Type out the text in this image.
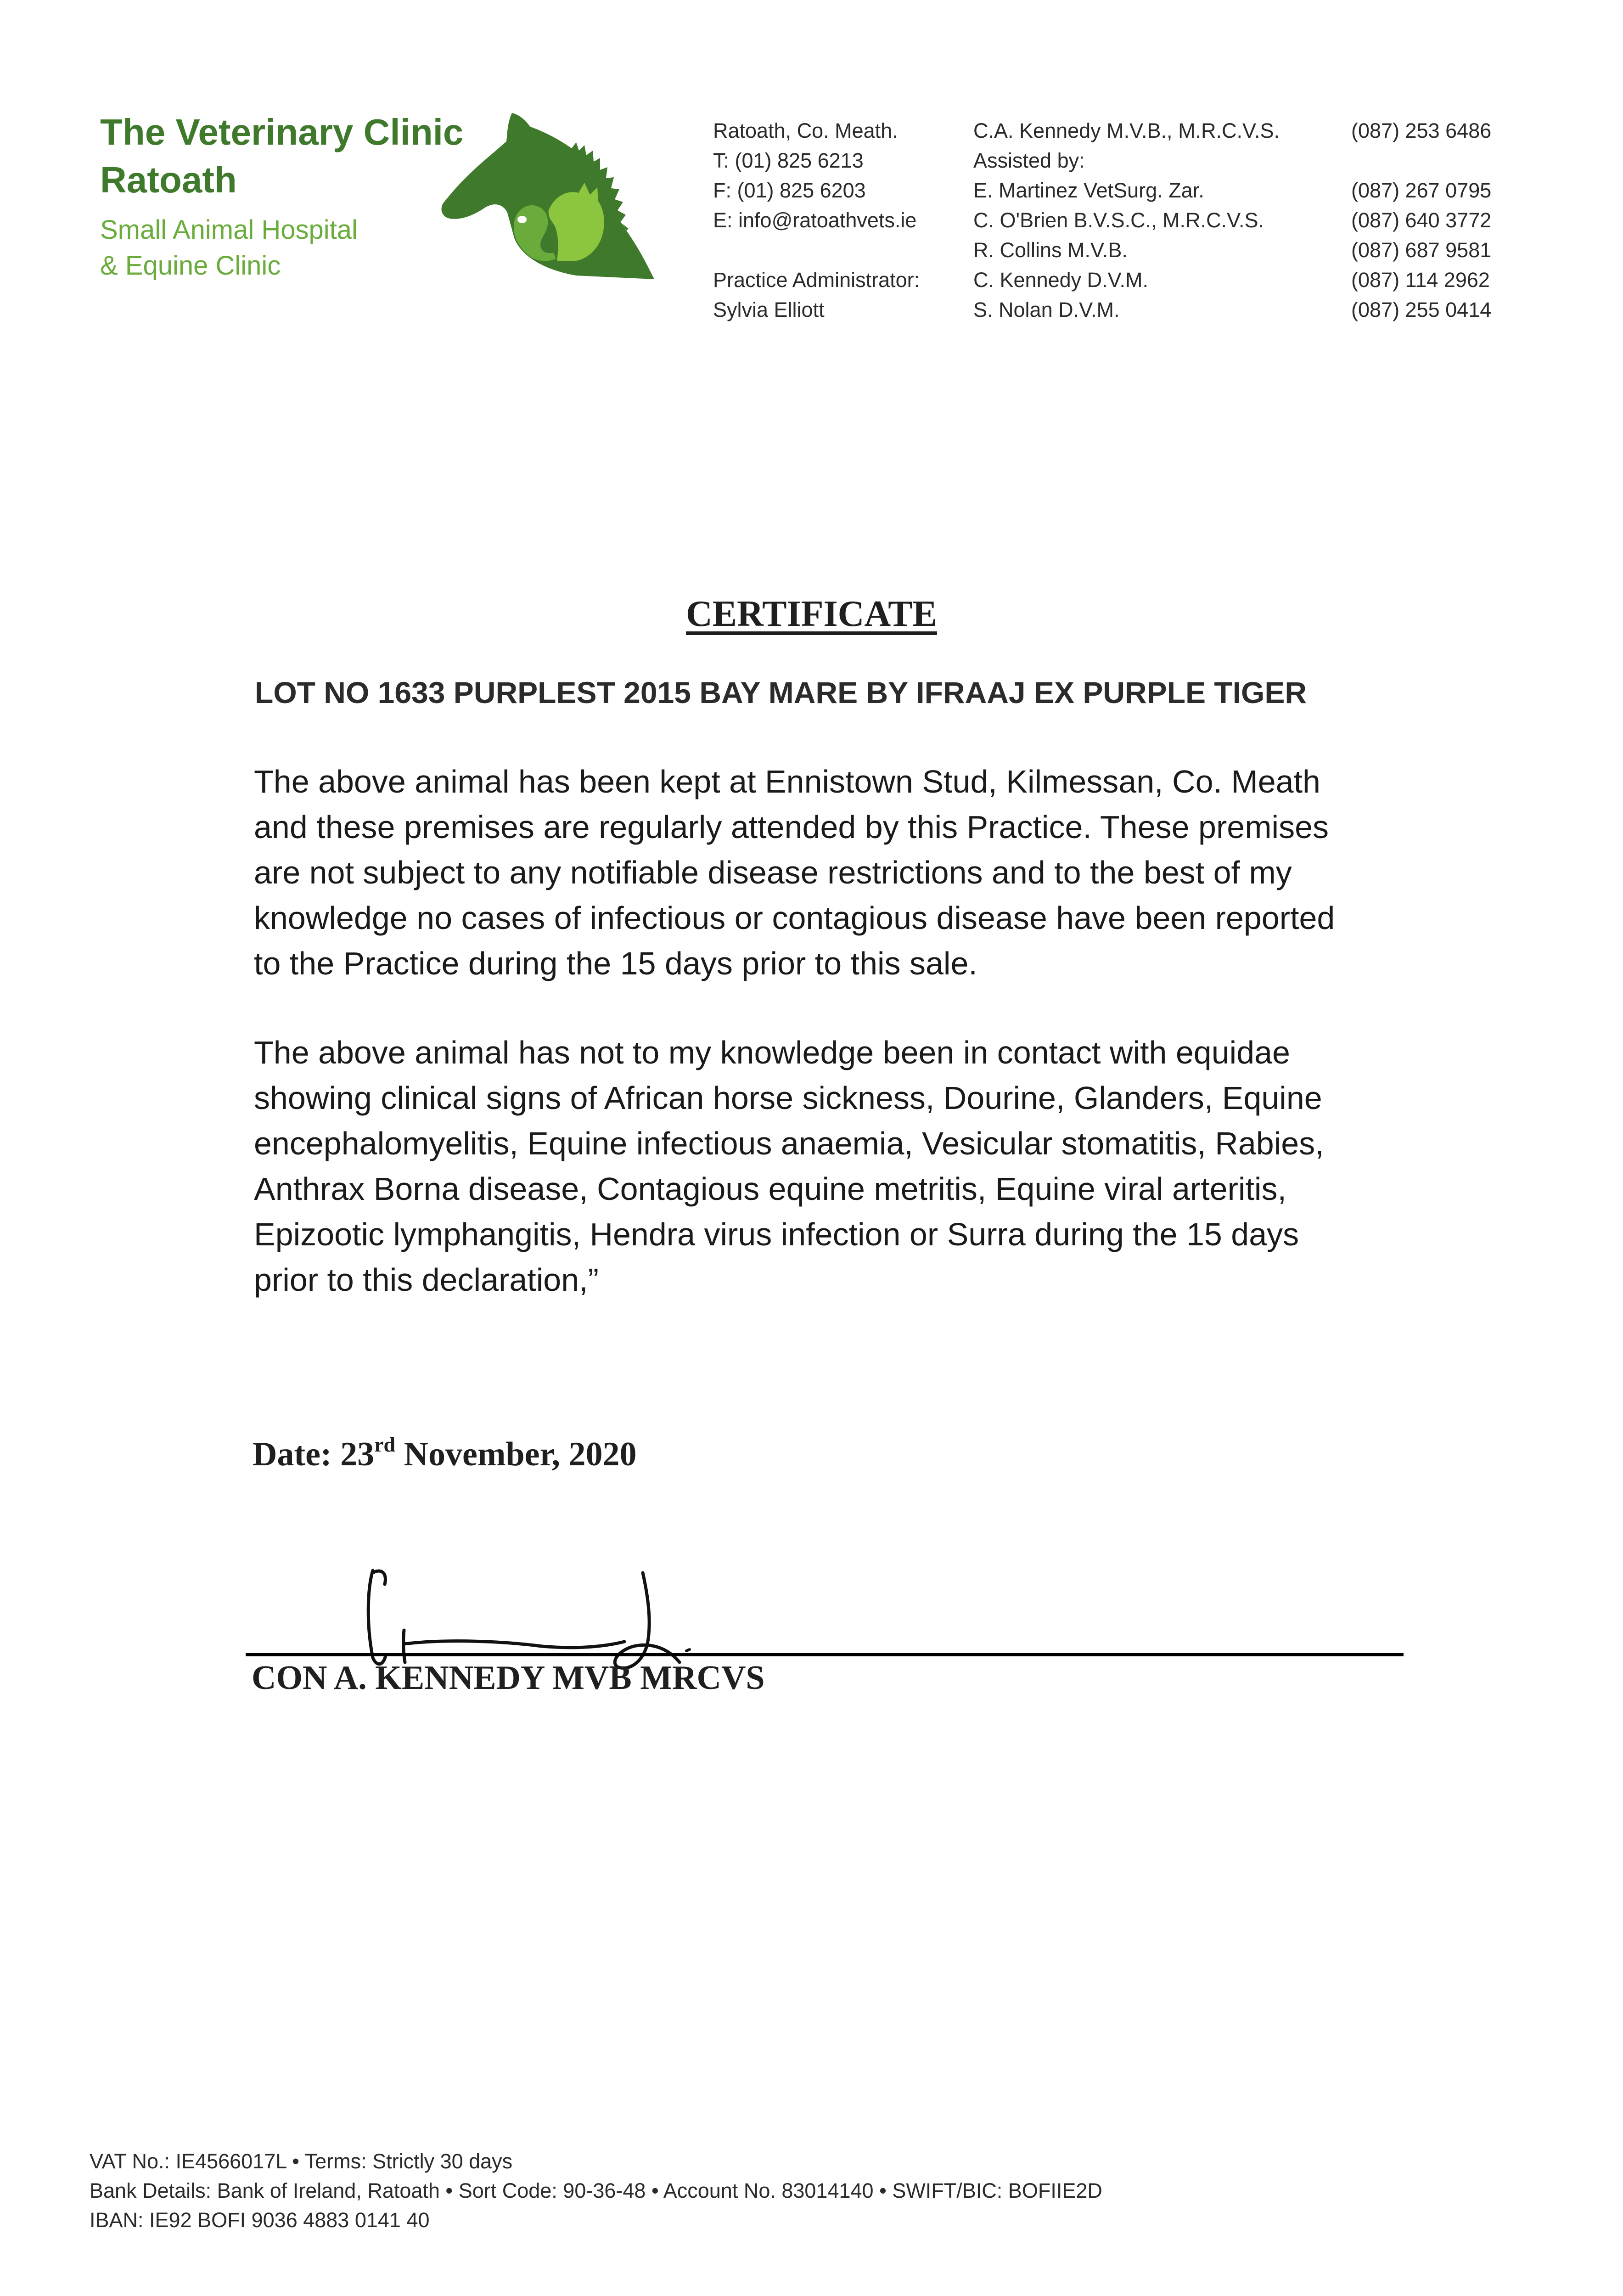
The Veterinary Clinic
Ratoath
Small Animal Hospital
& Equine Clinic
Ratoath, Co. Meath.
T: (01) 825 6213
F: (01) 825 6203
E: info@ratoathvets.ie
Practice Administrator:
Sylvia Elliott
C.A. Kennedy M.V.B., M.R.C.V.S.
Assisted by:
E. Martinez VetSurg. Zar.
C. O'Brien B.V.S.C., M.R.C.V.S.
R. Collins M.V.B.
C. Kennedy D.V.M.
S. Nolan D.V.M.
(087) 253 6486
(087) 267 0795
(087) 640 3772
(087) 687 9581
(087) 114 2962
(087) 255 0414
CERTIFICATE
LOT NO 1633 PURPLEST 2015 BAY MARE BY IFRAAJ EX PURPLE TIGER
The above animal has been kept at Ennistown Stud, Kilmessan, Co. Meath
and these premises are regularly attended by this Practice. These premises
are not subject to any notifiable disease restrictions and to the best of my
knowledge no cases of infectious or contagious disease have been reported
to the Practice during the 15 days prior to this sale.
The above animal has not to my knowledge been in contact with equidae
showing clinical signs of African horse sickness, Dourine, Glanders, Equine
encephalomyelitis, Equine infectious anaemia, Vesicular stomatitis, Rabies,
Anthrax Borna disease, Contagious equine metritis, Equine viral arteritis,
Epizootic lymphangitis, Hendra virus infection or Surra during the 15 days
prior to this declaration,”
Date: 23rd November, 2020
CON A. KENNEDY MVB MRCVS
VAT No.: IE4566017L • Terms: Strictly 30 days
Bank Details: Bank of Ireland, Ratoath • Sort Code: 90-36-48 • Account No. 83014140 • SWIFT/BIC: BOFIIE2D
IBAN: IE92 BOFI 9036 4883 0141 40
